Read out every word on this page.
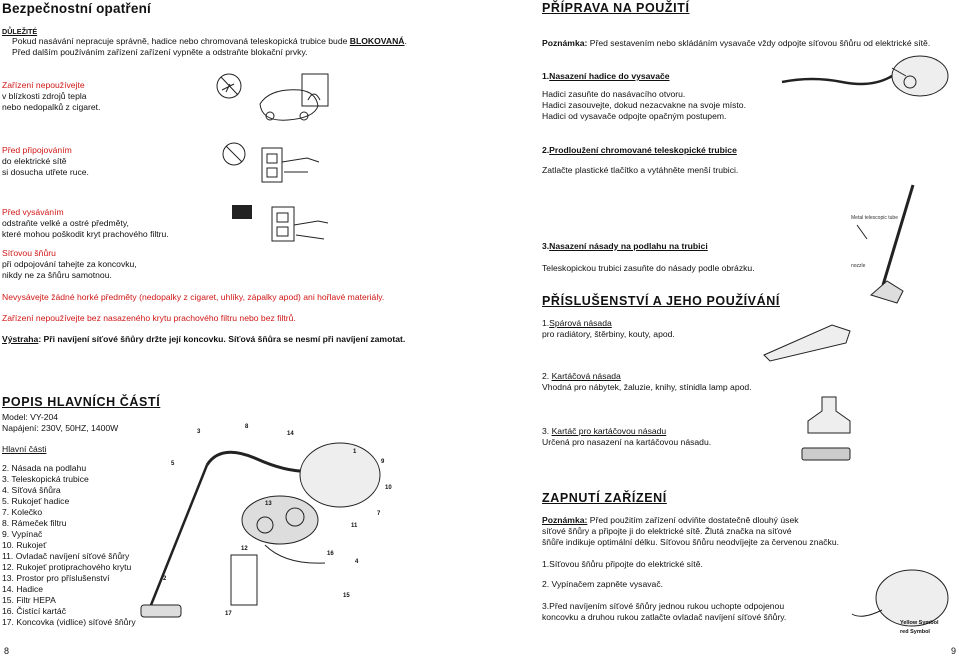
Bezpečnostní opatření
DŮLEŽITÉ
Pokud nasávání nepracuje správně, hadice nebo chromovaná teleskopická trubice bude BLOKOVANÁ.
Před dalším používáním zařízení zařízení vypněte a odstraňte blokační prvky.
Zařízení nepoužívejte
v blízkosti zdrojů tepla
nebo nedopalků z cigaret.
Před připojováním
do elektrické sítě
si dosucha utřete ruce.
Před vysáváním
odstraňte velké a ostré předměty,
které mohou poškodit kryt prachového filtru.
Síťovou šňůru
při odpojování tahejte za koncovku,
nikdy ne za šňůru samotnou.
Nevysávejte žádné horké předměty (nedopalky z cigaret, uhlíky, zápalky apod) ani hořlavé materiály.
Zařízení nepoužívejte bez nasazeného krytu prachového filtru nebo bez filtrů.
Výstraha: Při navíjení síťové šňůry držte její koncovku. Síťová šňůra se nesmí při navíjení zamotat.
POPIS HLAVNÍCH ČÁSTÍ
Model: VY-204
Napájení: 230V, 50HZ, 1400W
Hlavní části
2. Násada na podlahu
3. Teleskopická trubice
4. Síťová šňůra
5. Rukojeť hadice
7. Kolečko
8. Rámeček filtru
9. Vypínač
10. Rukojeť
11. Ovladač navíjení síťové šňůry
12. Rukojeť protiprachového krytu
13. Prostor pro příslušenství
14. Hadice
15. Filtr HEPA
16. Čistící kartáč
17. Koncovka (vidlice) síťové šňůry
3	14
8
1
9
10
7
11
16
4
15
12
17
5
2
13
8
PŘÍPRAVA NA POUŽITÍ
Poznámka: Před sestavením nebo skládáním vysavače vždy odpojte síťovou šňůru od elektrické sítě.
1.Nasazení hadice do vysavače
Hadici zasuňte do nasávacího otvoru.
Hadici zasouvejte, dokud nezacvakne na svoje místo.
Hadici od vysavače odpojte opačným postupem.
2.Prodloužení chromované teleskopické trubice
Zatlačte plastické tlačítko a vytáhněte menší trubici.
Metal telescopic tube
nozzle
3.Nasazení násady na podlahu na trubici
Teleskopickou trubici zasuňte do násady podle obrázku.
PŘÍSLUŠENSTVÍ A JEHO POUŽÍVÁNÍ
1.Spárová násada
pro radiátory, štěrbiny, kouty, apod.
2. Kartáčová násada
Vhodná pro nábytek, žaluzie, knihy, stínidla lamp apod.
3. Kartáč pro kartáčovou násadu
Určená pro nasazení na kartáčovou násadu.
ZAPNUTÍ ZAŘÍZENÍ
Poznámka: Před použitím zařízení odviňte dostatečně dlouhý úsek
síťové šňůry a připojte ji do elektrické sítě. Žlutá značka na síťové
šňůře indikuje optimální délku. Síťovou šňůru neodvíjejte za červenou značku.
1.Síťovou šňůru připojte do elektrické sítě.
2. Vypínačem zapněte vysavač.
3.Před navíjením síťové šňůry jednou rukou uchopte odpojenou
koncovku a druhou rukou zatlačte ovladač navíjení síťové šňůry.
Yellow Symbol
red Symbol
9
